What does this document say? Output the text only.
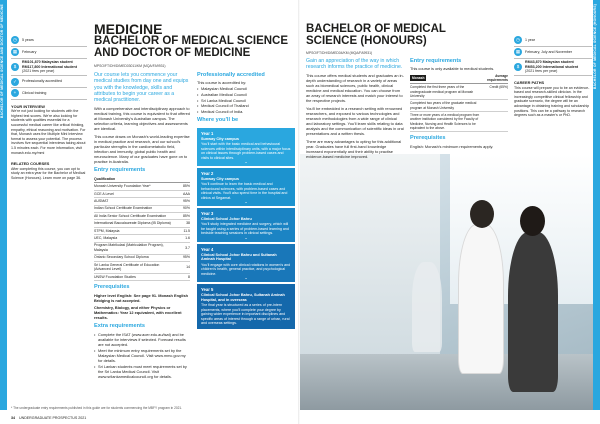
BACHELOR OF MEDICAL SCIENCE AND DOCTOR OF MEDICINE	◷	5 years
▦	February
$
RM101,870 Malaysian student
RM117,800 International student
(2021 fees per year)
✓	Professionally accredited
+	Clinical training
YOUR INTERVIEW
We're not just looking for students with the highest test scores. We're also looking for students with qualities essential for a successful medical career like critical thinking, empathy, ethical reasoning and motivation. For that, Monash uses the Multiple Mini Interview format to assess your potential. The process involves five sequential interviews taking about 1.5 minutes each. For more information, visit monash.edu.my/mmi
RELATED COURSES
After completing this course, you can opt to study an extra year for the Bachelor of Medical Science (Honours). Learn more on page 36.
MEDICINE
BACHELOR OF MEDICAL SCIENCE AND DOCTOR OF MEDICINE
MPSO/FT/DH/D/MED03011/KM (MQA/FA9931)
Our course lets you commence your medical studies from day one and equips you with the knowledge, skills and attributes to begin your career as a medical practitioner.

With a comprehensive and interdisciplinary approach to medical training, this course is equivalent to that offered at Monash University's Australian campus. The selection criteria, learning objectives and assessments are identical.

This course draws on Monash's world-leading expertise in medical practice and research, and our school's particular strengths in the cardiometabolic field, infection and immunity, global public health and neuroscience. Many of our graduates have gone on to practise in Australia.

Entry requirements
Qualification	
Monash University Foundation Year*	85%
GCE A Level	AAA
AUSMAT	95%
Indian School Certificate Examination	90%
All India Senior School Certificate Examination	85%
International Baccalaureate Diploma (IB Diploma)	38
STPM, Malaysia	11.5
UEC, Malaysia	1.6
Program Matrikulasi (Matriculation Program), Malaysia	3.7
Ontario Secondary School Diploma	95%
Sri Lanka General Certificate of Education (Advanced Level)	14
UNSW Foundation Studies	8
Prerequisites

Higher level English: See page 91. Monash English Bridging is not accepted.

Chemistry, Biology, and either Physics or Mathematics: Year 12 equivalent, with excellent results.

Extra requirements
• Complete the ISAT (www.acer.edu.au/isat) and be available for interviews if selected. Forecast results are not accepted.
• Meet the minimum entry requirements set by the Malaysian Medical Council. Visit www.mmc.gov.my for details.
• Sri Lankan students must meet requirements set by the Sri Lanka Medical Council. Visit www.srilankamedicalcouncil.org for details.
Professionally accredited
This course is accredited by:
• Malaysian Medical Council
• Australian Medical Council
• Sri Lanka Medical Council
• Medical Council of Thailand
• Medical Council of India.
Where you'll be
Year 1
Sunway City campus
You'll start with the basic medical and behavioural sciences within interdisciplinary units, with a major focus on clinical issues through problem-based cases and visits to clinical sites.
⌄
Year 2
Sunway City campus
You'll continue to learn the basic medical and behavioural sciences, with problem-based cases and clinical visits. You'll also spend time in the hospital and clinics at Segamat.
⌄
Year 3
Clinical School Johor Bahru
You'll study integrated medicine and surgery, which will be taught using a series of problem-based learning and bedside teaching sessions in clinical settings.
⌄
Year 4
Clinical School Johor Bahru and Sultanah Aminah Hospital
You'll engage with core clinical rotations in women's and children's health, general practice, and psychological medicine.
⌄
Year 5
Clinical School Johor Bahru, Sultanah Aminah Hospital, and in overseas
The final year is structured as a series of pre-intern placements, where you'll complete your degree by gaining wider experience in important disciplines and specific areas of interest through a range of urban, rural and overseas settings.
* The undergraduate entry requirements published in this guide are for students commencing the MBFY program in 2021.
34 UNDERGRADUATE PROSPECTUS 2021
BACHELOR OF MEDICAL SCIENCE (HONOURS)
MPSO/FT/DH/D/MED04/KM (MQA/FA9931)
Gain an appreciation of the way in which research informs the practice of medicine.

This course offers medical students and graduates an in-depth understanding of research in a variety of areas such as biomedical sciences, public health, clinical medicine and medical education. You can choose from an array of research interests and match your interest to the respective projects.

You'll be embedded in a research setting with renowned researchers, and exposed to various technologies and research methodologies from a wide range of clinical and laboratory settings. You'll learn skills relating to data analysis and the communication of scientific ideas in oral presentations and a written thesis.

There are many advantages to opting for this additional year. Graduates have full first-hand knowledge increased exponentially and their ability to practise evidence-based medicine improved.

Entry requirements
This course is only available to medical students.
Monash	Average requirements
Completed the first three years of the undergraduate medical program at Monash University	Credit (65%)
Completed two years of the graduate medical program at Monash University	
Three or more years of a medical program from another institution considered by the Faculty of Medicine, Nursing and Health Sciences to be equivalent to the above.	
Prerequisites
English: Monash's minimum requirements apply.
◷	1 year
▦	February, July and November
$
RM43,870 Malaysian student
RM53,200 International student
(2021 fees per year)
CAREER PATHS
This course will prepare you to be an evidence-based and research-skilled clinician. In the increasingly competitive clinical fellowship and graduate scenario, the degree will be an advantage in obtaining training and scholarship positions. This can be a pathway to research degrees such as a master's or PhD.
BACHELOR OF MEDICAL SCIENCE (HONOURS)
UNDERGRADUATE PROSPECTUS 2021 35
